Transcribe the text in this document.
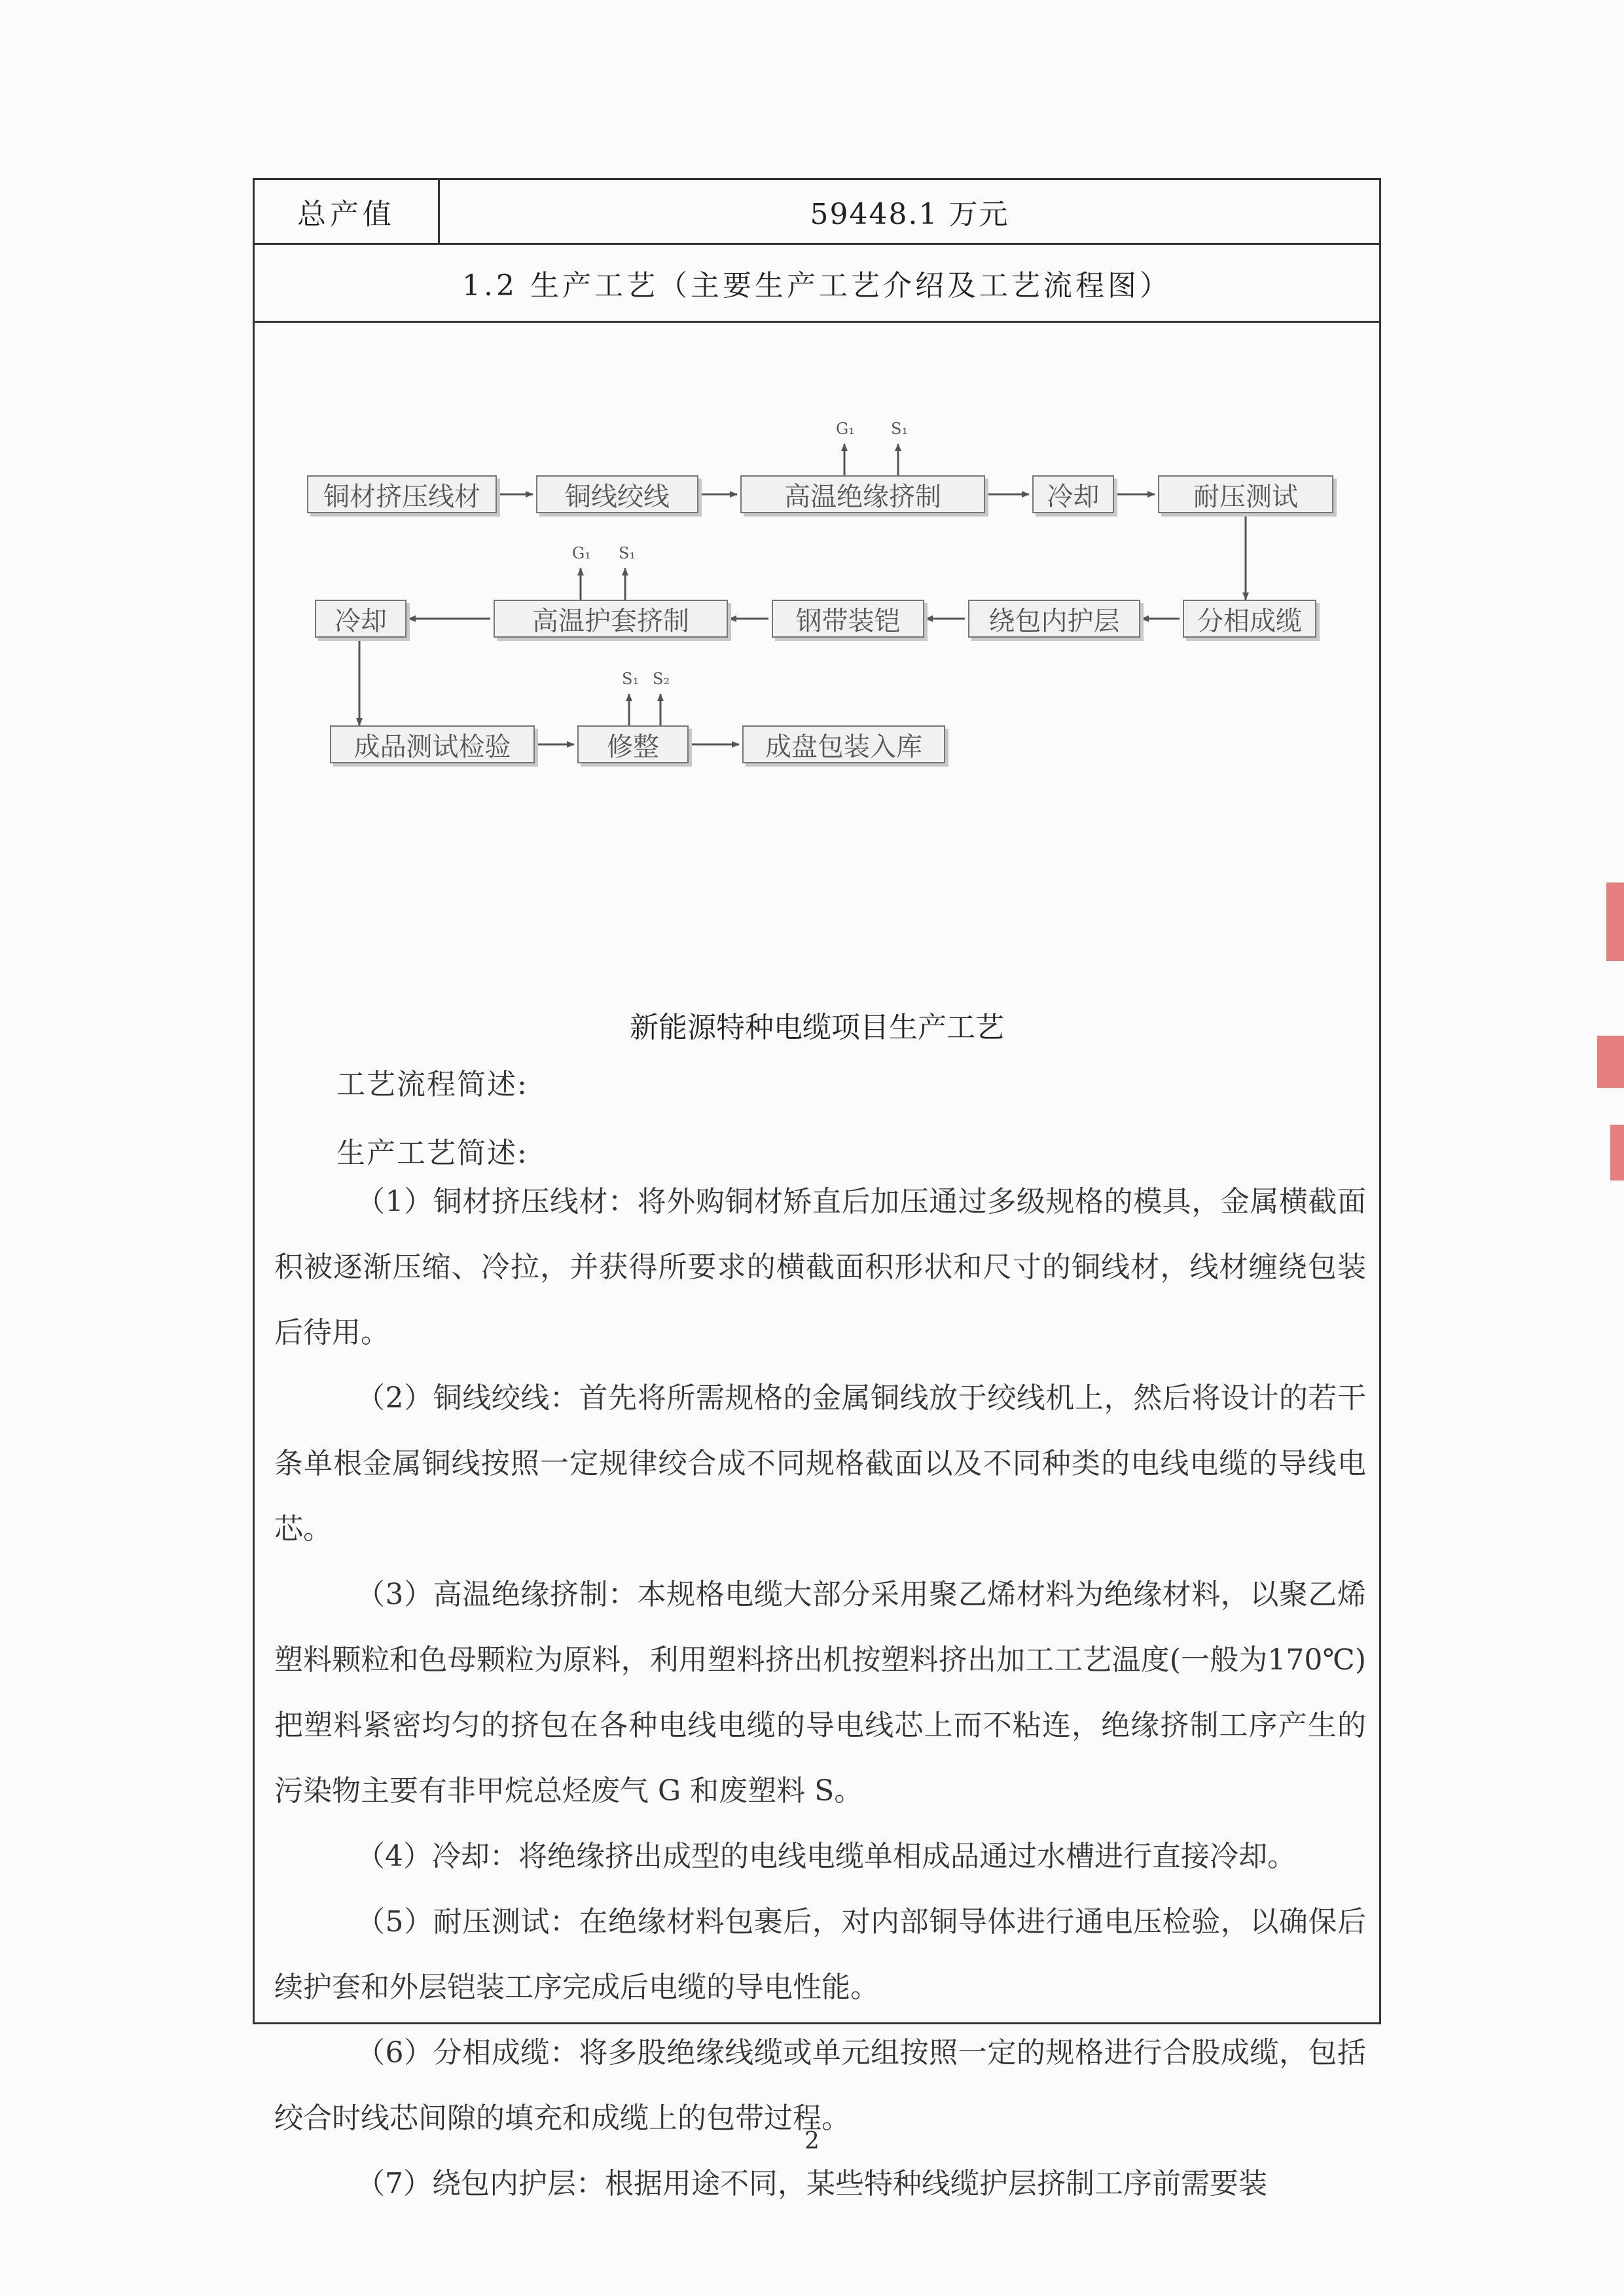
总产值	59448.1 万元
1.2 生产工艺（主要生产工艺介绍及工艺流程图）
铜材挤压线材	铜线绞线	高温绝缘挤制	冷却	耐压测试
分相成缆
绕包内护层
钢带装铠
高温护套挤制
冷却
成品测试检验	修整	成盘包装入库
G₁ S₁
G₁ S₁
S₁ S₂
新能源特种电缆项目生产工艺
工艺流程简述:
生产工艺简述:

（1）铜材挤压线材：将外购铜材矫直后加压通过多级规格的模具，金属横截面积被逐渐压缩、冷拉，并获得所要求的横截面积形状和尺寸的铜线材，线材缠绕包装后待用。

（2）铜线绞线：首先将所需规格的金属铜线放于绞线机上，然后将设计的若干条单根金属铜线按照一定规律绞合成不同规格截面以及不同种类的电线电缆的导线电芯。

（3）高温绝缘挤制：本规格电缆大部分采用聚乙烯材料为绝缘材料，以聚乙烯塑料颗粒和色母颗粒为原料，利用塑料挤出机按塑料挤出加工工艺温度(一般为170℃)把塑料紧密均匀的挤包在各种电线电缆的导电线芯上而不粘连，绝缘挤制工序产生的污染物主要有非甲烷总烃废气 G 和废塑料 S。

（4）冷却：将绝缘挤出成型的电线电缆单相成品通过水槽进行直接冷却。

（5）耐压测试：在绝缘材料包裹后，对内部铜导体进行通电压检验，以确保后续护套和外层铠装工序完成后电缆的导电性能。

（6）分相成缆：将多股绝缘线缆或单元组按照一定的规格进行合股成缆，包括绞合时线芯间隙的填充和成缆上的包带过程。

（7）绕包内护层：根据用途不同，某些特种线缆护层挤制工序前需要装

2
